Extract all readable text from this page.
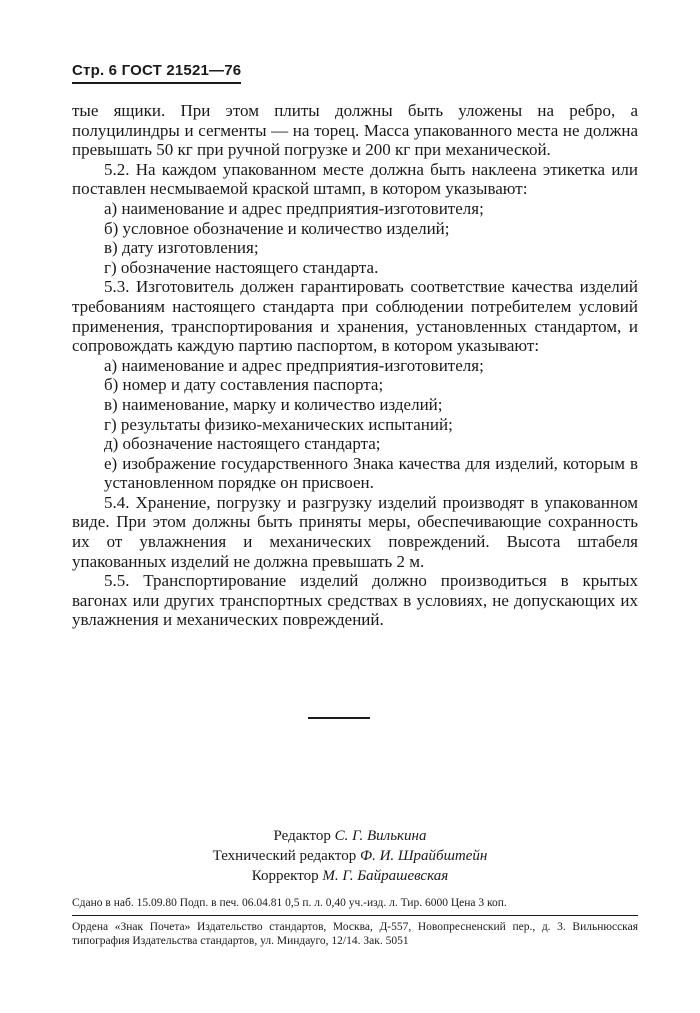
Стр. 6 ГОСТ 21521—76

тые ящики. При этом плиты должны быть уложены на ребро, а полуцилиндры и сегменты — на торец. Масса упакованного места не должна превышать 50 кг при ручной погрузке и 200 кг при механической.

5.2. На каждом упакованном месте должна быть наклеена этикетка или поставлен несмываемой краской штамп, в котором указывают:

а) наименование и адрес предприятия-изготовителя;

б) условное обозначение и количество изделий;

в) дату изготовления;

г) обозначение настоящего стандарта.

5.3. Изготовитель должен гарантировать соответствие качества изделий требованиям настоящего стандарта при соблюдении потребителем условий применения, транспортирования и хранения, установленных стандартом, и сопровождать каждую партию паспортом, в котором указывают:

а) наименование и адрес предприятия-изготовителя;

б) номер и дату составления паспорта;

в) наименование, марку и количество изделий;

г) результаты физико-механических испытаний;

д) обозначение настоящего стандарта;

е) изображение государственного Знака качества для изделий, которым в установленном порядке он присвоен.

5.4. Хранение, погрузку и разгрузку изделий производят в упакованном виде. При этом должны быть приняты меры, обеспечивающие сохранность их от увлажнения и механических повреждений. Высота штабеля упакованных изделий не должна превышать 2 м.

5.5. Транспортирование изделий должно производиться в крытых вагонах или других транспортных средствах в условиях, не допускающих их увлажнения и механических повреждений.

Редактор С. Г. Вилькина
Технический редактор Ф. И. Шрайбштейн
Корректор М. Г. Байрашевская
Сдано в наб. 15.09.80 Подп. в печ. 06.04.81 0,5 п. л. 0,40 уч.-изд. л. Тир. 6000 Цена 3 коп.
Ордена «Знак Почета» Издательство стандартов, Москва, Д-557, Новопресненский пер., д. 3. Вильнюсская типография Издательства стандартов, ул. Миндауго, 12/14. Зак. 5051
